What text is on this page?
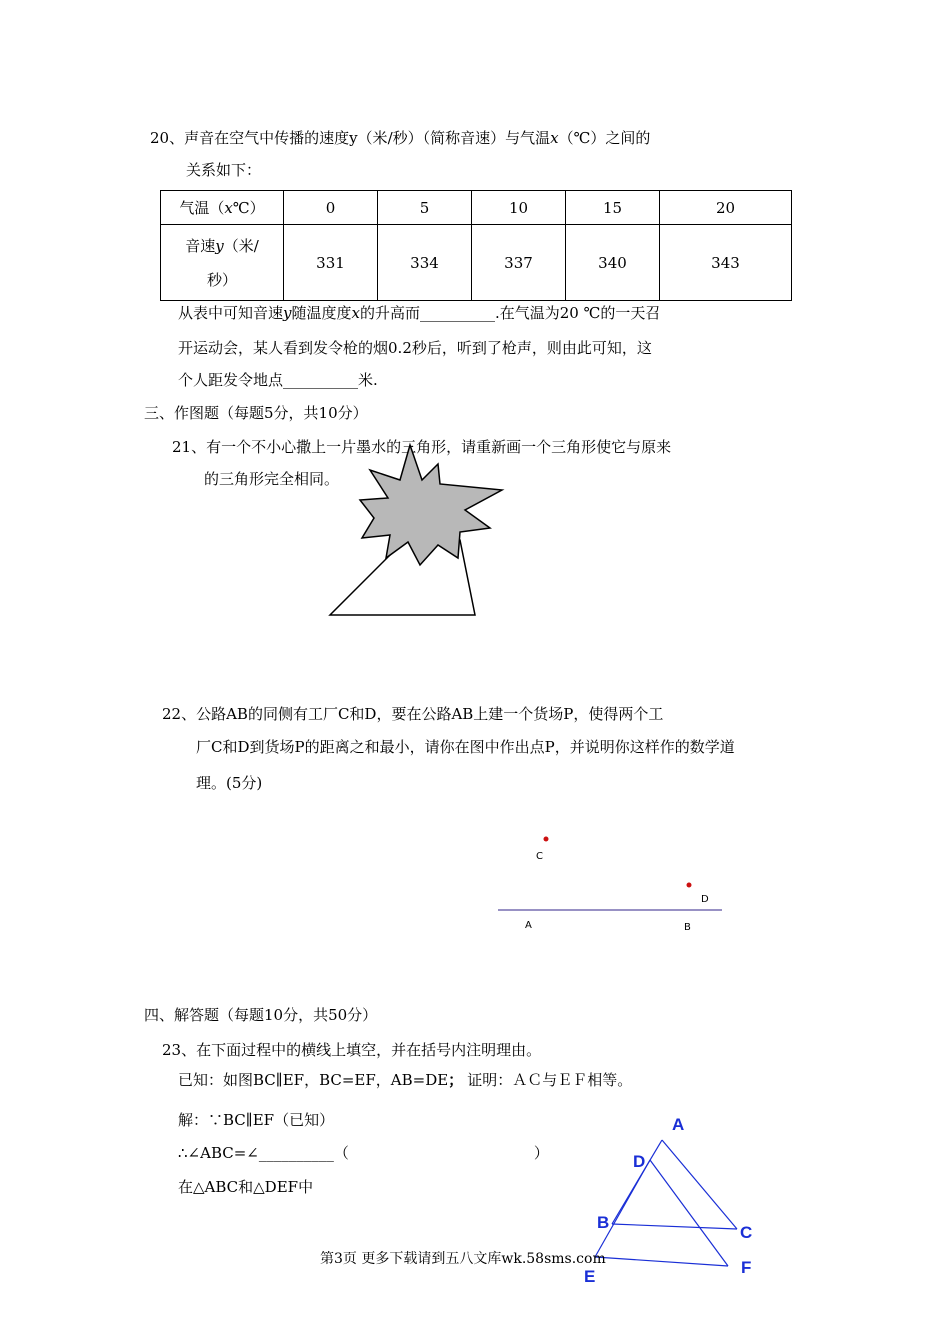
20、声音在空气中传播的速度y（米/秒）（简称音速）与气温x（℃）之间的
关系如下：
气温（x℃）	0	5	10	15	20
音速y（米/
秒）	331	334	337	340	343
从表中可知音速y随温度度x的升高而__________.在气温为20 ℃的一天召
开运动会，某人看到发令枪的烟0.2秒后，听到了枪声，则由此可知，这
个人距发令地点__________米.
三、作图题（每题5分，共10分）
21、有一个不小心撒上一片墨水的三角形，请重新画一个三角形使它与原来
的三角形完全相同。
22、公路AB的同侧有工厂C和D，要在公路AB上建一个货场P，使得两个工
厂C和D到货场P的距离之和最小，请你在图中作出点P，并说明你这样作的数学道
理。(5分)
C
D
A	B
四、解答题（每题10分，共50分）
23、在下面过程中的横线上填空，并在括号内注明理由。
已知：如图BC∥EF，BC=EF，AB=DE； 证明：ＡＣ与ＥＦ相等。
解：∵BC∥EF（已知）
∴∠ABC=∠__________（	）
在△ABC和△DEF中
A
D
B
C
E	F
第3页 更多下载请到五八文库wk.58sms.com
